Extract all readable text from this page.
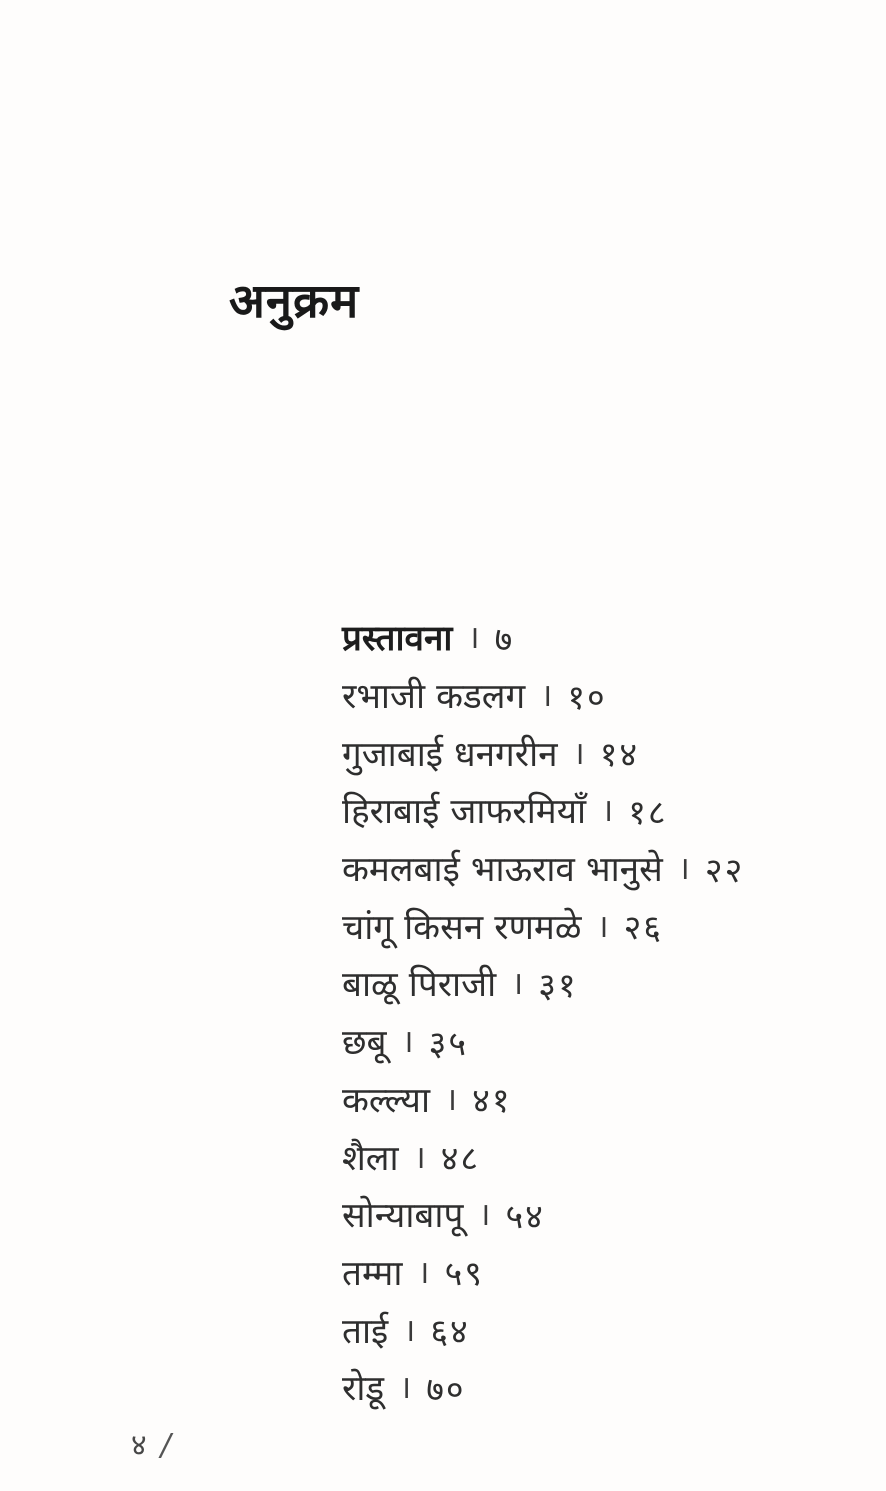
अनुक्रम
प्रस्तावना । ७
रभाजी कडलग । १०
गुजाबाई धनगरीन । १४
हिराबाई जाफरमियाँ । १८
कमलबाई भाऊराव भानुसे । २२
चांगू किसन रणमळे । २६
बाळू पिराजी । ३१
छबू । ३५
कल्ल्या । ४१
शैला । ४८
सोन्याबापू । ५४
तम्मा । ५९
ताई । ६४
रोडू । ७०
४ /
